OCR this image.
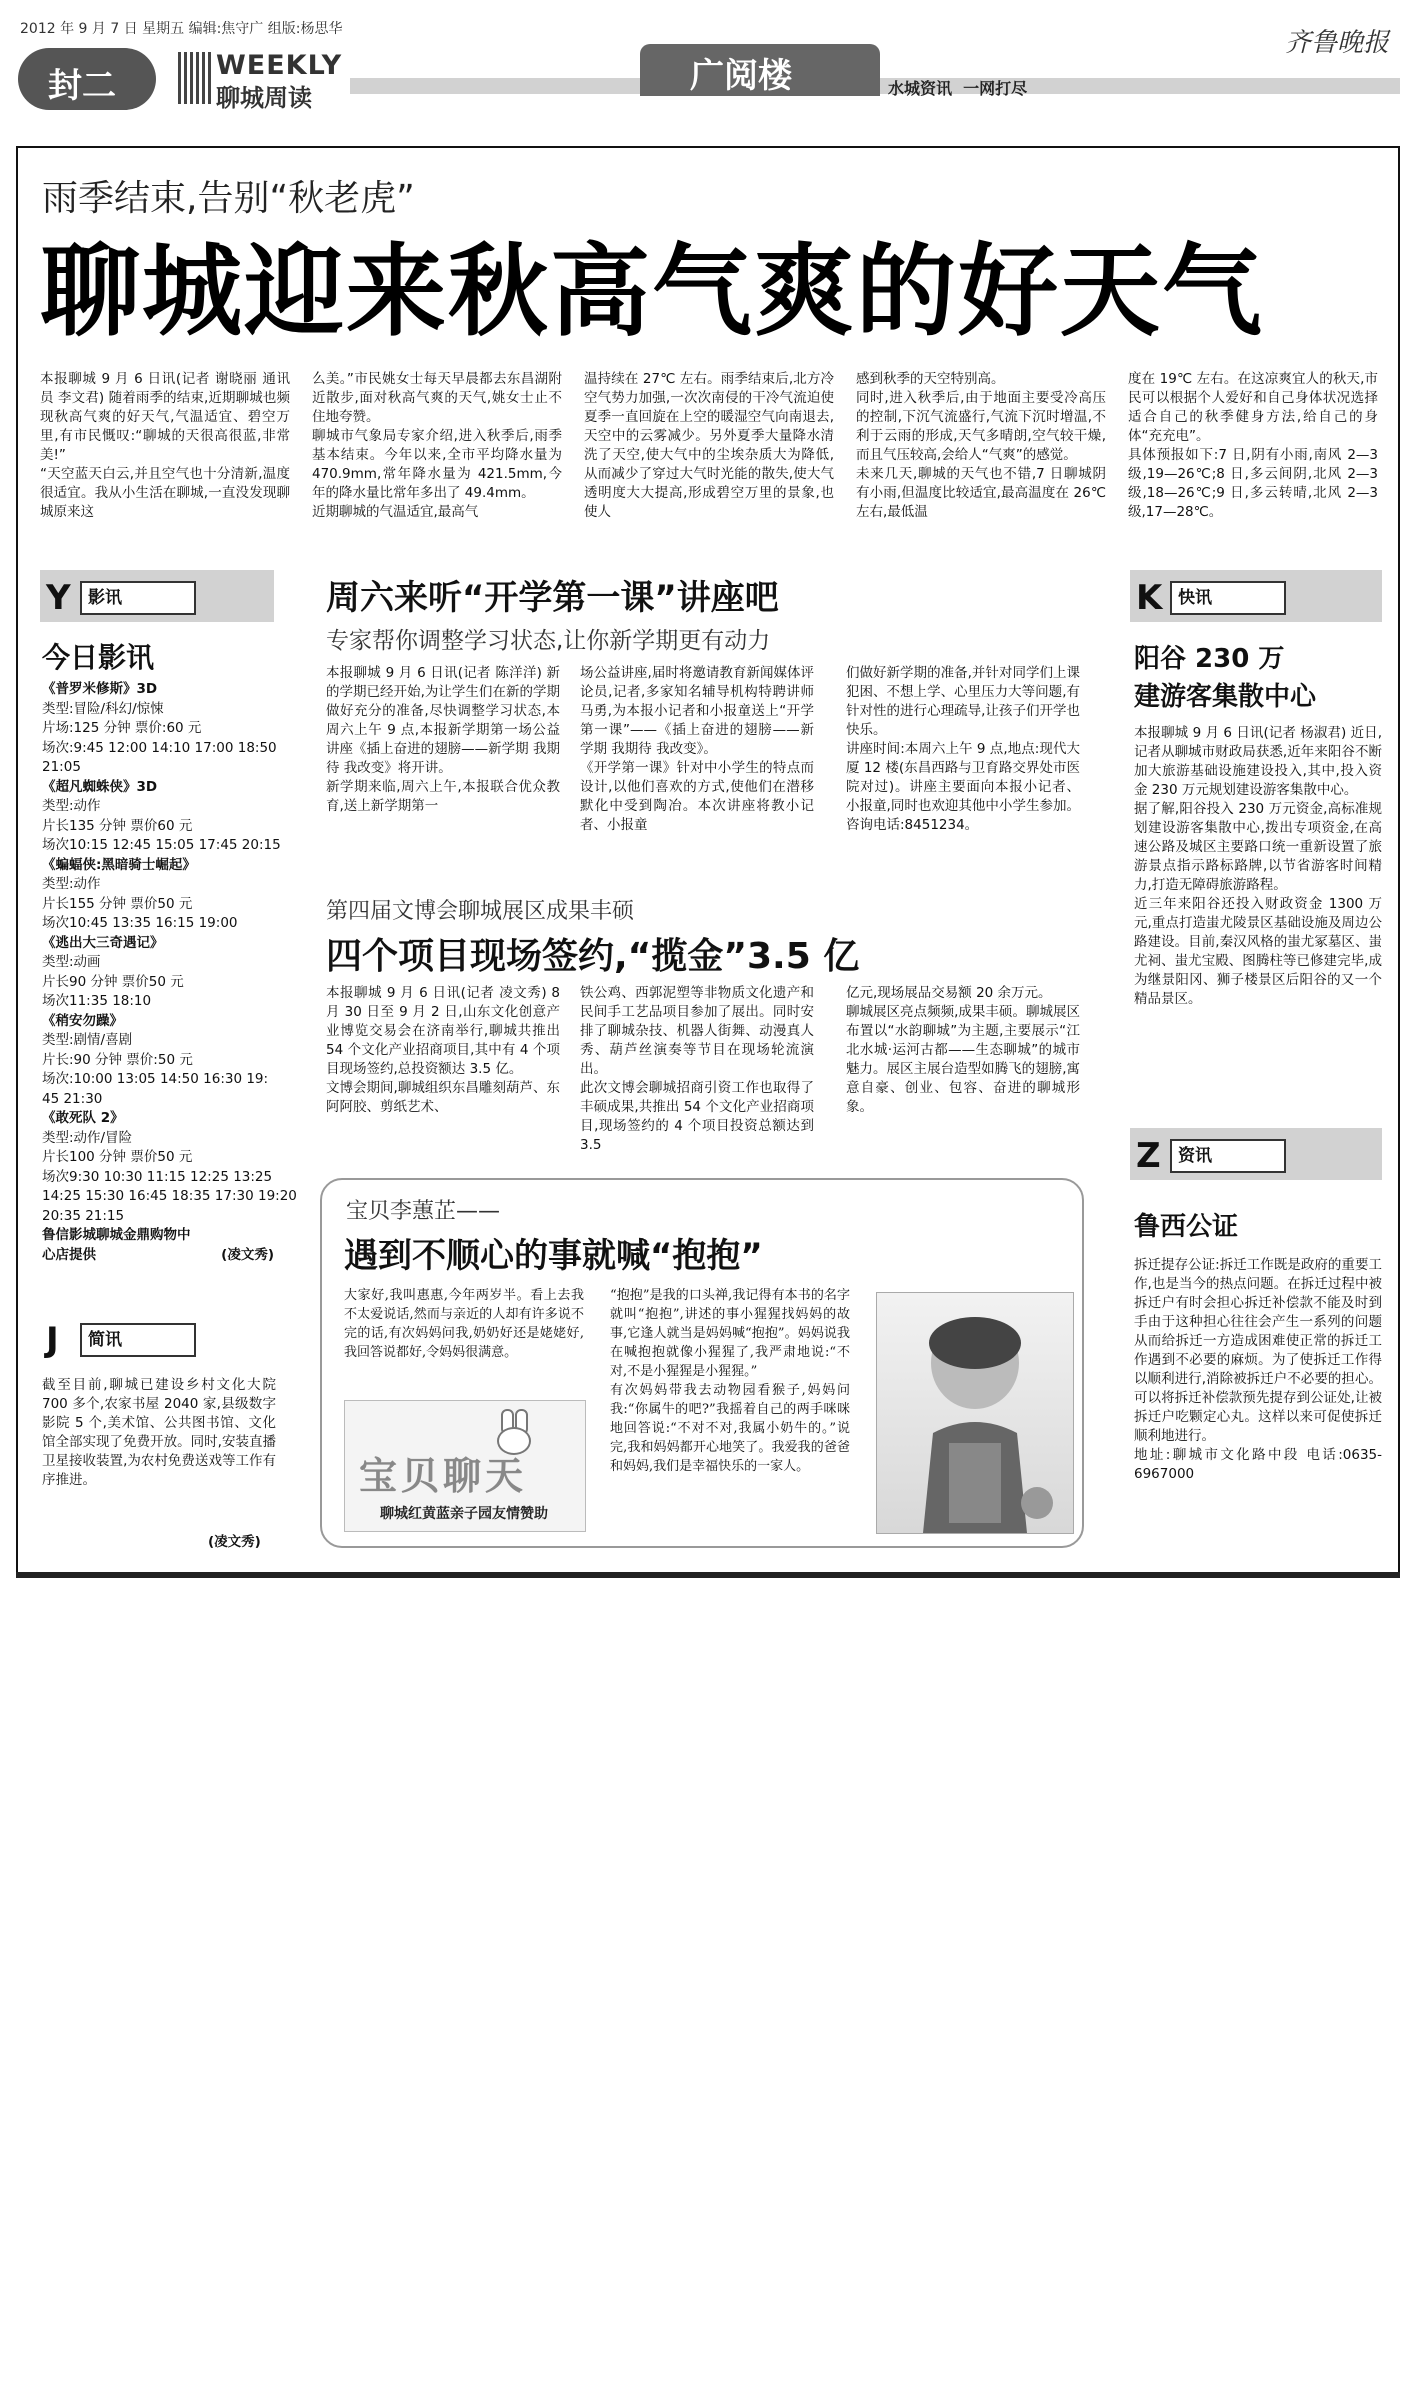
2012 年 9 月 7 日 星期五 编辑:焦守广 组版:杨思华	齐鲁晚报
封二
WEEKLY
聊城周读
广阅楼	水城资讯  一网打尽
雨季结束,告别“秋老虎”
聊城迎来秋高气爽的好天气
本报聊城 9 月 6 日讯(记者 谢晓丽 通讯员 李文君) 随着雨季的结束,近期聊城也频现秋高气爽的好天气,气温适宜、碧空万里,有市民慨叹:“聊城的天很高很蓝,非常美!”
“天空蓝天白云,并且空气也十分清新,温度很适宜。我从小生活在聊城,一直没发现聊城原来这
么美。”市民姚女士每天早晨都去东昌湖附近散步,面对秋高气爽的天气,姚女士止不住地夸赞。
聊城市气象局专家介绍,进入秋季后,雨季基本结束。今年以来,全市平均降水量为 470.9mm,常年降水量为 421.5mm,今年的降水量比常年多出了 49.4mm。
近期聊城的气温适宜,最高气
温持续在 27℃ 左右。雨季结束后,北方冷空气势力加强,一次次南侵的干冷气流迫使夏季一直回旋在上空的暖湿空气向南退去,天空中的云雾减少。另外夏季大量降水清洗了天空,使大气中的尘埃杂质大为降低,从而减少了穿过大气时光能的散失,使大气透明度大大提高,形成碧空万里的景象,也使人
感到秋季的天空特别高。
同时,进入秋季后,由于地面主要受冷高压的控制,下沉气流盛行,气流下沉时增温,不利于云雨的形成,天气多晴朗,空气较干燥,而且气压较高,会给人“气爽”的感觉。
未来几天,聊城的天气也不错,7 日聊城阴有小雨,但温度比较适宜,最高温度在 26℃ 左右,最低温
度在 19℃ 左右。在这凉爽宜人的秋天,市民可以根据个人爱好和自己身体状况选择适合自己的秋季健身方法,给自己的身体“充充电”。
具体预报如下:7 日,阴有小雨,南风 2—3 级,19—26℃;8 日,多云间阴,北风 2—3 级,18—26℃;9 日,多云转晴,北风 2—3 级,17—28℃。
Y	影讯
今日影讯
《普罗米修斯》3D
类型:冒险/科幻/惊悚
片场:125 分钟 票价:60 元
场次:9:45 12:00 14:10 17:00 18:50
21:05
《超凡蜘蛛侠》3D
类型:动作
片长135 分钟 票价60 元
场次10:15 12:45 15:05 17:45 20:15
《蝙蝠侠:黑暗骑士崛起》
类型:动作
片长155 分钟 票价50 元
场次10:45 13:35 16:15 19:00
《逃出大三奇遇记》
类型:动画
片长90 分钟 票价50 元
场次11:35 18:10
《稍安勿躁》
类型:剧情/喜剧
片长:90 分钟 票价:50 元
场次:10:00 13:05 14:50 16:30 19:
45 21:30
《敢死队 2》
类型:动作/冒险
片长100 分钟 票价50 元
场次9:30 10:30 11:15 12:25 13:25
14:25 15:30 16:45 18:35 17:30 19:20
20:35 21:15
鲁信影城聊城金鼎购物中心店提供	(凌文秀)
J	简讯
截至目前,聊城已建设乡村文化大院 700 多个,农家书屋 2040 家,县级数字影院 5 个,美术馆、公共图书馆、文化馆全部实现了免费开放。同时,安装直播卫星接收装置,为农村免费送戏等工作有序推进。
(凌文秀)
周六来听“开学第一课”讲座吧
专家帮你调整学习状态,让你新学期更有动力
本报聊城 9 月 6 日讯(记者 陈洋洋) 新的学期已经开始,为让学生们在新的学期做好充分的准备,尽快调整学习状态,本周六上午 9 点,本报新学期第一场公益讲座《插上奋进的翅膀——新学期 我期待 我改变》将开讲。
新学期来临,周六上午,本报联合优众教育,送上新学期第一
场公益讲座,届时将邀请教育新闻媒体评论员,记者,多家知名辅导机构特聘讲师马勇,为本报小记者和小报童送上“开学第一课”——《插上奋进的翅膀——新学期 我期待 我改变》。
《开学第一课》针对中小学生的特点而设计,以他们喜欢的方式,使他们在潜移默化中受到陶冶。本次讲座将教小记者、小报童
们做好新学期的准备,并针对同学们上课犯困、不想上学、心里压力大等问题,有针对性的进行心理疏导,让孩子们开学也快乐。
讲座时间:本周六上午 9 点,地点:现代大厦 12 楼(东昌西路与卫育路交界处市医院对过)。讲座主要面向本报小记者、小报童,同时也欢迎其他中小学生参加。咨询电话:8451234。
第四届文博会聊城展区成果丰硕
四个项目现场签约,“揽金”3.5 亿
本报聊城 9 月 6 日讯(记者 凌文秀) 8 月 30 日至 9 月 2 日,山东文化创意产业博览交易会在济南举行,聊城共推出 54 个文化产业招商项目,其中有 4 个项目现场签约,总投资额达 3.5 亿。
文博会期间,聊城组织东昌雕刻葫芦、东阿阿胶、剪纸艺术、
铁公鸡、西郭泥塑等非物质文化遗产和民间手工艺品项目参加了展出。同时安排了聊城杂技、机器人街舞、动漫真人秀、葫芦丝演奏等节目在现场轮流演出。
此次文博会聊城招商引资工作也取得了丰硕成果,共推出 54 个文化产业招商项目,现场签约的 4 个项目投资总额达到 3.5
亿元,现场展品交易额 20 余万元。
聊城展区亮点频频,成果丰硕。聊城展区布置以“水韵聊城”为主题,主要展示“江北水城·运河古都——生态聊城”的城市魅力。展区主展台造型如腾飞的翅膀,寓意自豪、创业、包容、奋进的聊城形象。
宝贝李蕙芷——
遇到不顺心的事就喊“抱抱”
大家好,我叫惠惠,今年两岁半。看上去我不太爱说话,然而与亲近的人却有许多说不完的话,有次妈妈问我,奶奶好还是姥姥好,我回答说都好,令妈妈很满意。
“抱抱”是我的口头禅,我记得有本书的名字就叫“抱抱”,讲述的事小猩猩找妈妈的故事,它逢人就当是妈妈喊“抱抱”。妈妈说我在喊抱抱就像小猩猩了,我严肃地说:“不对,不是小猩猩是小猩猩。”
有次妈妈带我去动物园看猴子,妈妈问我:“你属牛的吧?”我摇着自己的两手咪咪地回答说:“不对不对,我属小奶牛的。”说完,我和妈妈都开心地笑了。我爱我的爸爸和妈妈,我们是幸福快乐的一家人。
宝贝聊天
聊城红黄蓝亲子园友情赞助
K 快讯
阳谷 230 万
建游客集散中心
本报聊城 9 月 6 日讯(记者 杨淑君) 近日,记者从聊城市财政局获悉,近年来阳谷不断加大旅游基础设施建设投入,其中,投入资金 230 万元规划建设游客集散中心。
据了解,阳谷投入 230 万元资金,高标准规划建设游客集散中心,拨出专项资金,在高速公路及城区主要路口统一重新设置了旅游景点指示路标路牌,以节省游客时间精力,打造无障碍旅游路程。
近三年来阳谷还投入财政资金 1300 万元,重点打造蚩尤陵景区基础设施及周边公路建设。目前,秦汉风格的蚩尤冢墓区、蚩尤祠、蚩尤宝殿、图腾柱等已修建完毕,成为继景阳冈、狮子楼景区后阳谷的又一个精品景区。
Z	资讯
鲁西公证
拆迁提存公证:拆迁工作既是政府的重要工作,也是当今的热点问题。在拆迁过程中被拆迁户有时会担心拆迁补偿款不能及时到手由于这种担心往往会产生一系列的问题从而给拆迁一方造成困难使正常的拆迁工作遇到不必要的麻烦。为了使拆迁工作得以顺利进行,消除被拆迁户不必要的担心。可以将拆迁补偿款预先提存到公证处,让被拆迁户吃颗定心丸。这样以来可促使拆迁顺利地进行。
地址:聊城市文化路中段 电话:0635-6967000
